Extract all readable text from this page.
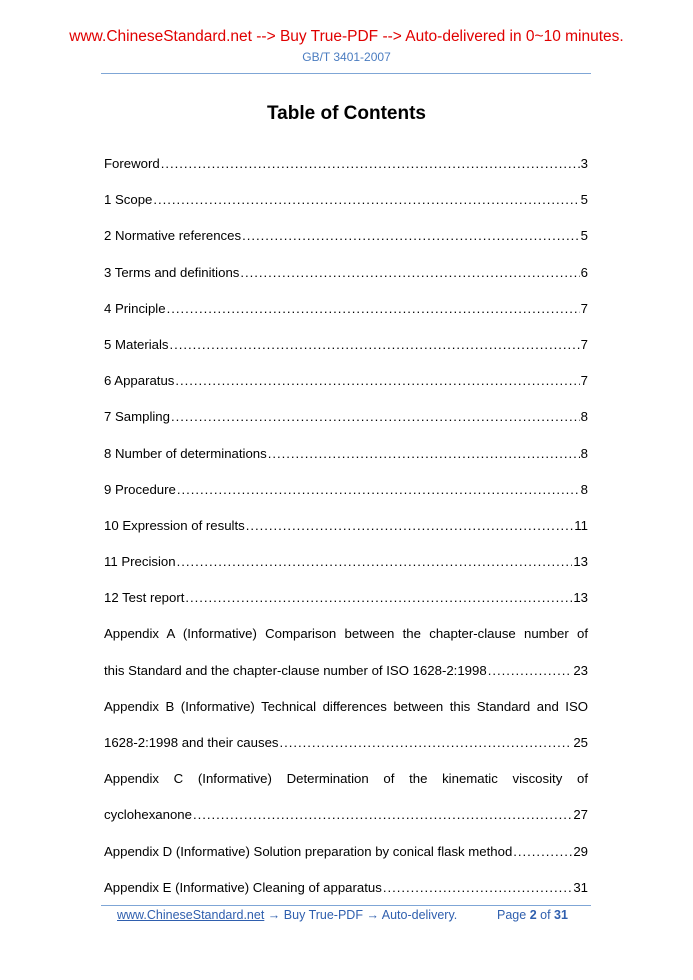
www.ChineseStandard.net --> Buy True-PDF --> Auto-delivered in 0~10 minutes.
GB/T 3401-2007
Table of Contents
Foreword . . .	3
1 Scope . . .	5
2 Normative references . . .	5
3 Terms and definitions . . .	6
4 Principle . . .	7
5 Materials . . .	7
6 Apparatus . . .	7
7 Sampling . . .	8
8 Number of determinations . . .	8
9 Procedure . . .	8
10 Expression of results . . .	11
11 Precision . . .	13
12 Test report . . .	13
Appendix A (Informative) Comparison between the chapter-clause number of
this Standard and the chapter-clause number of ISO 1628-2:1998 . . .	23
Appendix B (Informative) Technical differences between this Standard and ISO
1628-2:1998 and their causes . . .	25
Appendix C (Informative) Determination of the kinematic viscosity of
cyclohexanone . . .	27
Appendix D (Informative) Solution preparation by conical flask method . . .	29
Appendix E (Informative) Cleaning of apparatus . . .	31
www.ChineseStandard.net → Buy True-PDF → Auto-delivery.	Page 2 of 31
